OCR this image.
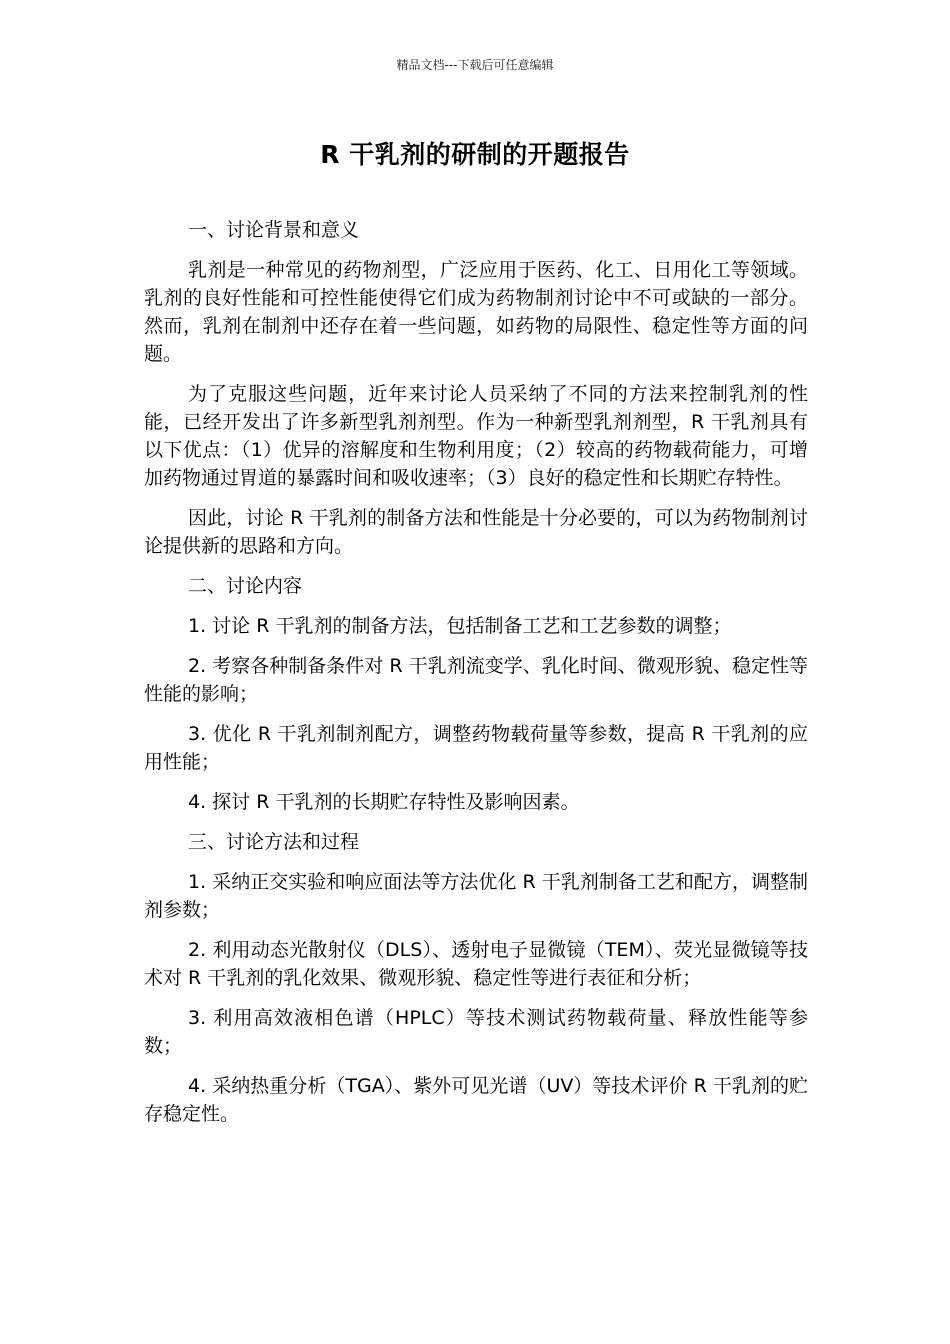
精品文档---下载后可任意编辑
R 干乳剂的研制的开题报告

一、讨论背景和意义

乳剂是一种常见的药物剂型，广泛应用于医药、化工、日用化工等领域。乳剂的良好性能和可控性能使得它们成为药物制剂讨论中不可或缺的一部分。然而，乳剂在制剂中还存在着一些问题，如药物的局限性、稳定性等方面的问题。

为了克服这些问题，近年来讨论人员采纳了不同的方法来控制乳剂的性能，已经开发出了许多新型乳剂剂型。作为一种新型乳剂剂型，R 干乳剂具有以下优点：（1）优异的溶解度和生物利用度；（2）较高的药物载荷能力，可增加药物通过胃道的暴露时间和吸收速率；（3）良好的稳定性和长期贮存特性。

因此，讨论 R 干乳剂的制备方法和性能是十分必要的，可以为药物制剂讨论提供新的思路和方向。

二、讨论内容

1. 讨论 R 干乳剂的制备方法，包括制备工艺和工艺参数的调整；

2. 考察各种制备条件对 R 干乳剂流变学、乳化时间、微观形貌、稳定性等性能的影响；

3. 优化 R 干乳剂制剂配方，调整药物载荷量等参数，提高 R 干乳剂的应用性能；

4. 探讨 R 干乳剂的长期贮存特性及影响因素。

三、讨论方法和过程

1. 采纳正交实验和响应面法等方法优化 R 干乳剂制备工艺和配方，调整制剂参数；

2. 利用动态光散射仪（DLS）、透射电子显微镜（TEM）、荧光显微镜等技术对 R 干乳剂的乳化效果、微观形貌、稳定性等进行表征和分析；

3. 利用高效液相色谱（HPLC）等技术测试药物载荷量、释放性能等参数；

4. 采纳热重分析（TGA）、紫外可见光谱（UV）等技术评价 R 干乳剂的贮存稳定性。
